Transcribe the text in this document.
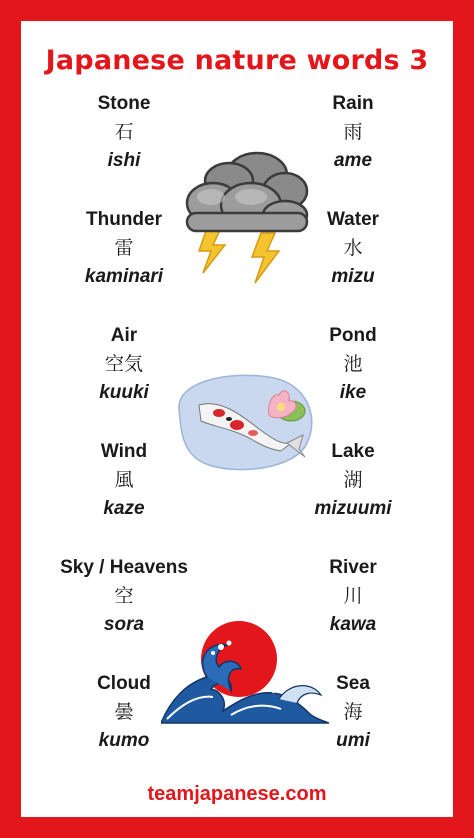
Japanese nature words 3
Stone
石
ishi
Rain
雨
ame
Thunder
雷
kaminari
Water
水
mizu
Air
空気
kuuki
Pond
池
ike
Wind
風
kaze
Lake
湖
mizuumi
Sky / Heavens
空
sora
River
川
kawa
Cloud
曇
kumo
Sea
海
umi
teamjapanese.com
